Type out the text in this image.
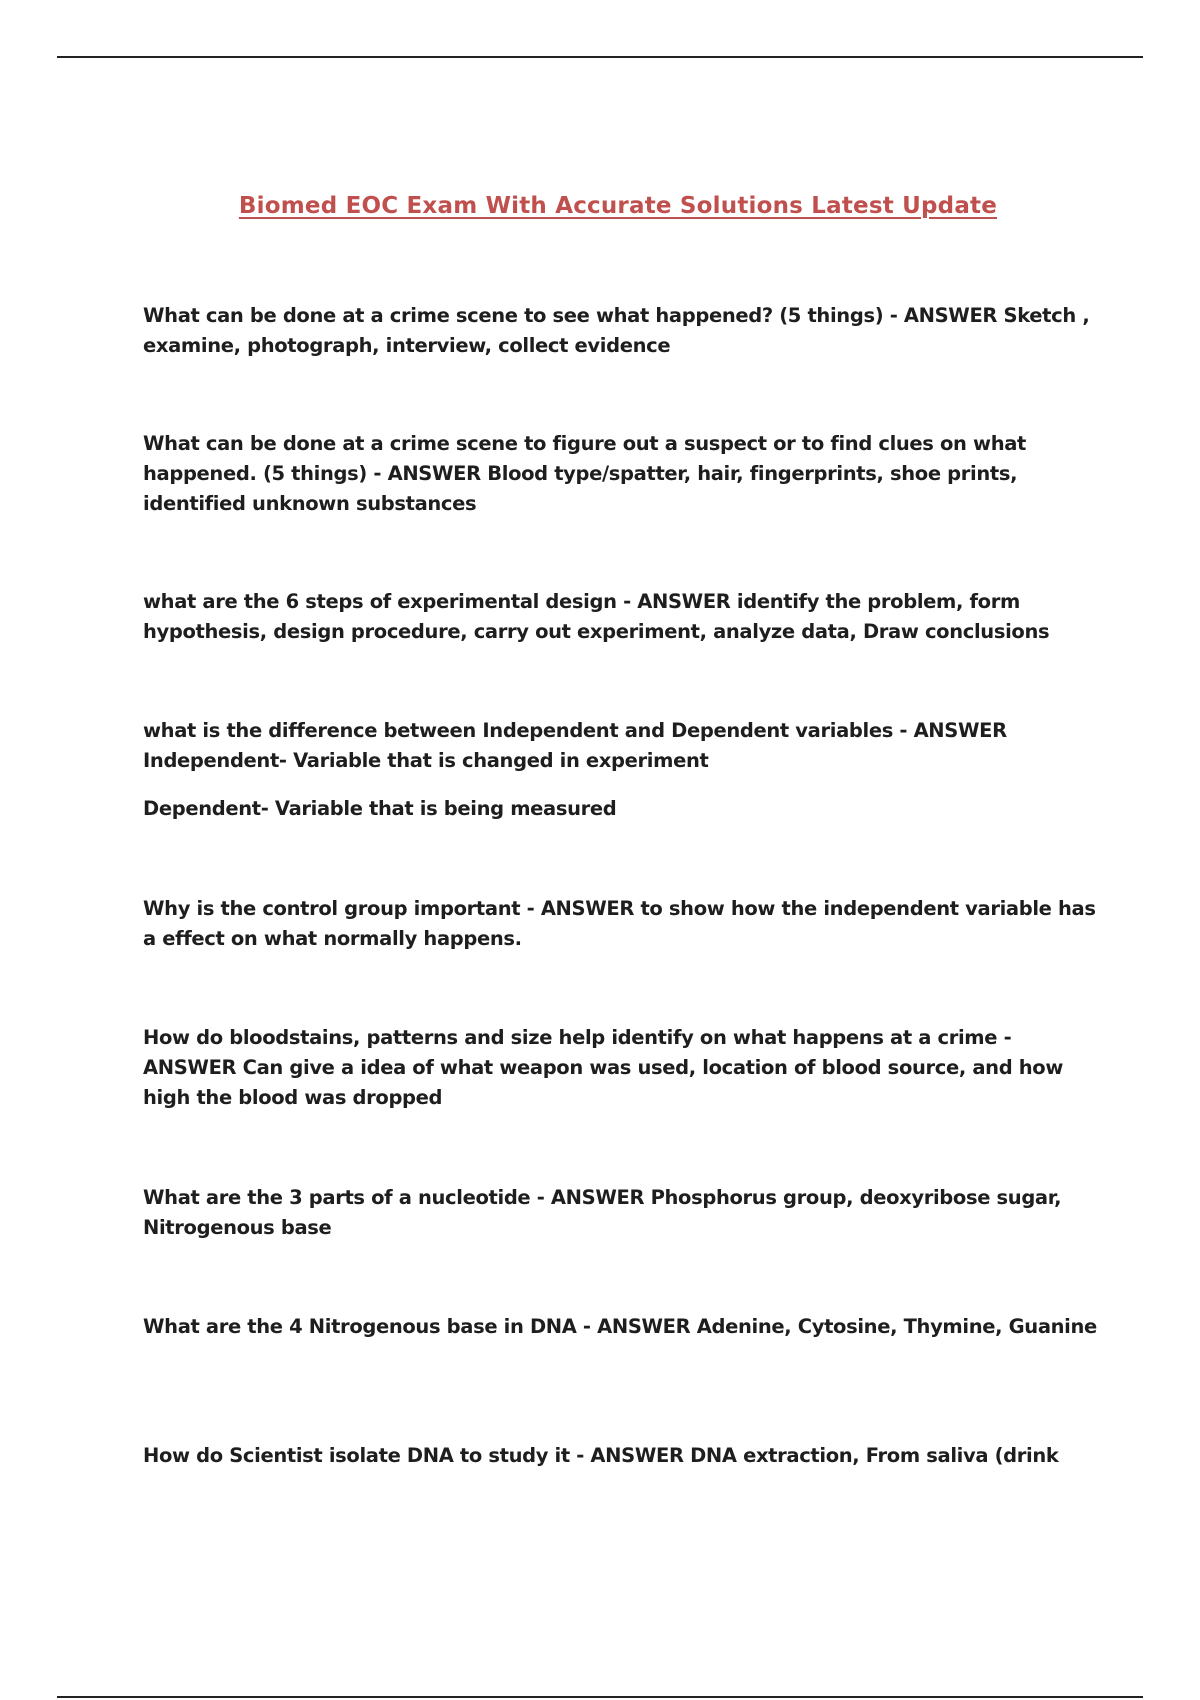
Biomed EOC Exam With Accurate Solutions Latest Update

What can be done at a crime scene to see what happened? (5 things) - ANSWER Sketch , examine, photograph, interview, collect evidence

What can be done at a crime scene to figure out a suspect or to find clues on what happened. (5 things) - ANSWER Blood type/spatter, hair, fingerprints, shoe prints, identified unknown substances

what are the 6 steps of experimental design - ANSWER identify the problem, form hypothesis, design procedure, carry out experiment, analyze data, Draw conclusions

what is the difference between Independent and Dependent variables - ANSWER Independent- Variable that is changed in experiment

Dependent- Variable that is being measured

Why is the control group important - ANSWER to show how the independent variable has a effect on what normally happens.

How do bloodstains, patterns and size help identify on what happens at a crime - ANSWER Can give a idea of what weapon was used, location of blood source, and how high the blood was dropped

What are the 3 parts of a nucleotide - ANSWER Phosphorus group, deoxyribose sugar, Nitrogenous base

What are the 4 Nitrogenous base in DNA - ANSWER Adenine, Cytosine, Thymine, Guanine

How do Scientist isolate DNA to study it - ANSWER DNA extraction, From saliva (drink
